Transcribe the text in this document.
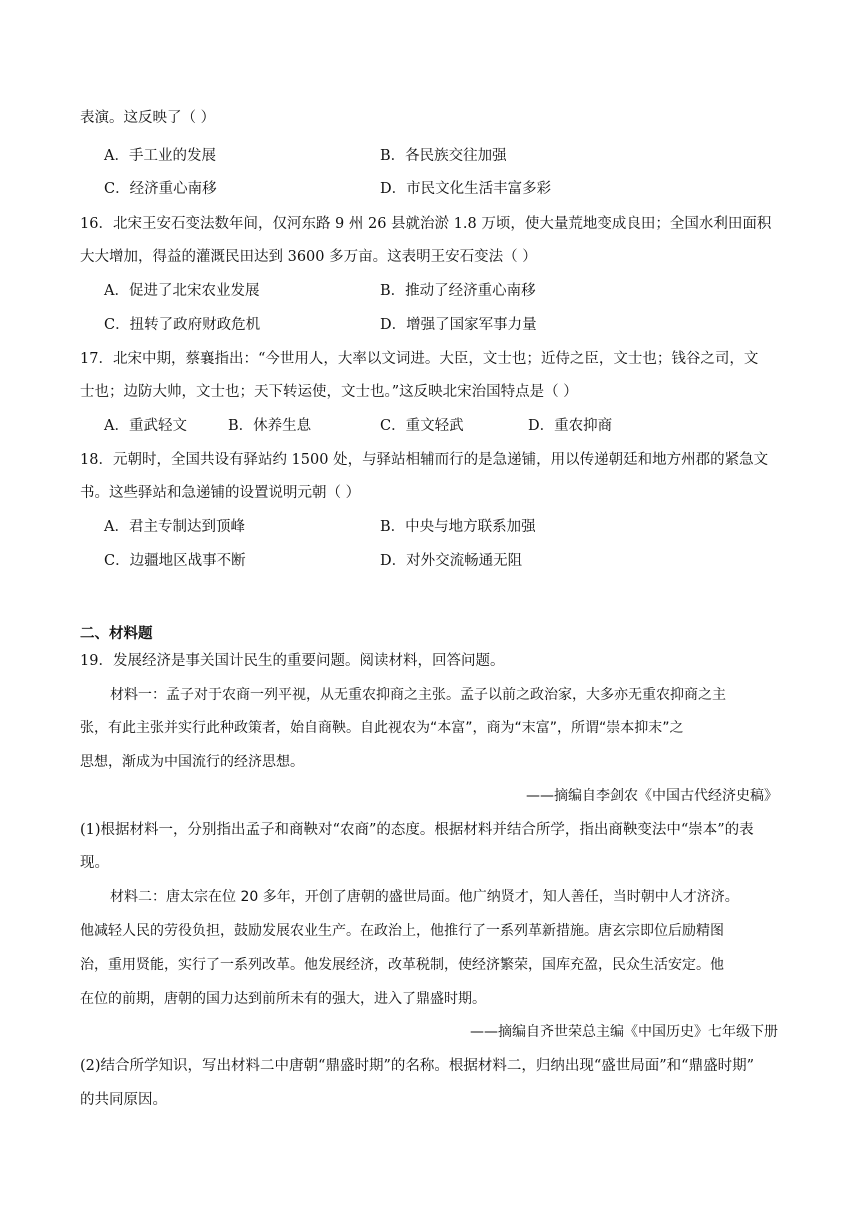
表演。这反映了（ ）
A．手工业的发展	B．各民族交往加强
C．经济重心南移	D．市民文化生活丰富多彩
16．北宋王安石变法数年间，仅河东路 9 州 26 县就治淤 1.8 万顷，使大量荒地变成良田；全国水利田面积
大大增加，得益的灌溉民田达到 3600 多万亩。这表明王安石变法（ ）
A．促进了北宋农业发展	B．推动了经济重心南移
C．扭转了政府财政危机	D．增强了国家军事力量
17．北宋中期，蔡襄指出：“今世用人，大率以文词进。大臣，文士也；近侍之臣，文士也；钱谷之司，文
士也；边防大帅，文士也；天下转运使，文士也。”这反映北宋治国特点是（ ）
A．重武轻文	B．休养生息	C．重文轻武	D．重农抑商
18．元朝时，全国共设有驿站约 1500 处，与驿站相辅而行的是急递铺，用以传递朝廷和地方州郡的紧急文
书。这些驿站和急递铺的设置说明元朝（ ）
A．君主专制达到顶峰	B．中央与地方联系加强
C．边疆地区战事不断	D．对外交流畅通无阻
二、材料题
19．发展经济是事关国计民生的重要问题。阅读材料，回答问题。
材料一：孟子对于农商一列平视，从无重农抑商之主张。孟子以前之政治家，大多亦无重农抑商之主
张，有此主张并实行此种政策者，始自商鞅。自此视农为“本富”，商为“末富”，所谓“崇本抑末”之
思想，渐成为中国流行的经济思想。
——摘编自李剑农《中国古代经济史稿》
(1)根据材料一，分别指出孟子和商鞅对“农商”的态度。根据材料并结合所学，指出商鞅变法中“崇本”的表
现。
材料二：唐太宗在位 20 多年，开创了唐朝的盛世局面。他广纳贤才，知人善任，当时朝中人才济济。
他减轻人民的劳役负担，鼓励发展农业生产。在政治上，他推行了一系列革新措施。唐玄宗即位后励精图
治，重用贤能，实行了一系列改革。他发展经济，改革税制，使经济繁荣，国库充盈，民众生活安定。他
在位的前期，唐朝的国力达到前所未有的强大，进入了鼎盛时期。
——摘编自齐世荣总主编《中国历史》七年级下册
(2)结合所学知识，写出材料二中唐朝“鼎盛时期”的名称。根据材料二，归纳出现“盛世局面”和“鼎盛时期”
的共同原因。
